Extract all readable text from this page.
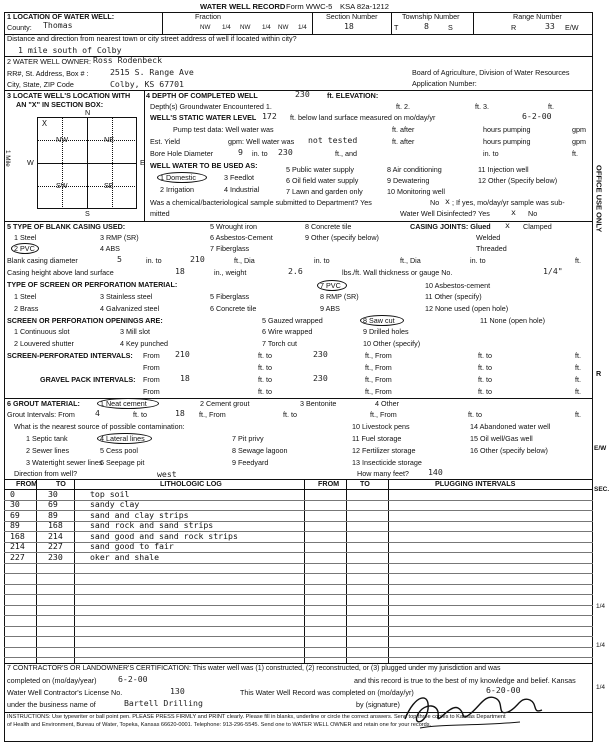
WATER WELL RECORD Form WWC-5 KSA 82a-1212
1 LOCATION OF WATER WELL:
County: Thomas
Fraction
NW 1/4 NW 1/4 NW 1/4
Section Number
18
Township Number
T	8	S
Range Number
R	33 E/W
Distance and direction from nearest town or city street address of well if located within city?
1 mile south of Colby
2 WATER WELL OWNER: Ross Rodenbeck
RR#, St. Address, Box # :	2515 S. Range Ave
City, State, ZIP Code	Colby, KS 67701
Board of Agriculture, Division of Water Resources
Application Number:
3 LOCATE WELL'S LOCATION WITH
AN "X" IN SECTION BOX:
N
S
W	E
1 Mile
NW	NE
SW	SE
X
4 DEPTH OF COMPLETED WELL	230 ft. ELEVATION:
Depth(s) Groundwater Encountered 1.	ft. 2.	ft. 3.	ft.
WELL'S STATIC WATER LEVEL 172 ft. below land surface measured on mo/day/yr	6-2-00
Pump test data: Well water was	ft. after	hours pumping	gpm
Est. Yield	gpm: Well water was not tested	ft. after	hours pumping	gpm
Bore Hole Diameter	9 in. to 230	ft., and	in. to	ft.
WELL WATER TO BE USED AS:
1 Domestic	3 Feedlot
5 Public water supply	8 Air conditioning	11 Injection well
2 Irrigation	4 Industrial
6 Oil field water supply	9 Dewatering	12 Other (Specify below)
7 Lawn and garden only	10 Monitoring well
Was a chemical/bacteriological sample submitted to Department? Yes	No x ; If yes, mo/day/yr sample was sub-
mitted	Water Well Disinfected? Yes	x No
5 TYPE OF BLANK CASING USED:
1 Steel	3 RMP (SR)
5 Wrought iron	8 Concrete tile
2 PVC	4 ABS
6 Asbestos-Cement	9 Other (specify below)
7 Fiberglass
CASING JOINTS: Glued x Clamped
Welded
Threaded
Blank casing diameter	5	in. to	210	ft., Dia	in. to	ft., Dia	in. to	ft.
Casing height above land surface	18	in., weight	2.6	lbs./ft. Wall thickness or gauge No.	1/4"
TYPE OF SCREEN OR PERFORATION MATERIAL:
1 Steel	3 Stainless steel	5 Fiberglass
7 PVC	10 Asbestos-cement
2 Brass	4 Galvanized steel	6 Concrete tile
8 RMP (SR)	11 Other (specify)
9 ABS	12 None used (open hole)
SCREEN OR PERFORATION OPENINGS ARE:	5 Gauzed wrapped	8 Saw cut	11 None (open hole)
1 Continuous slot	3 Mill slot	6 Wire wrapped	9 Drilled holes
2 Louvered shutter	4 Key punched	7 Torch cut	10 Other (specify)
SCREEN-PERFORATED INTERVALS: From 210	ft. to	230	ft., From	ft. to	ft.
From	ft. to	ft., From	ft. to	ft.
GRAVEL PACK INTERVALS: From 18	ft. to	230	ft., From	ft. to	ft.
From	ft. to	ft., From	ft. to	ft.
6 GROUT MATERIAL:	1 Neat cement	2 Cement grout	3 Bentonite	4 Other
Grout Intervals: From 4	ft. to	18 ft., From	ft. to	ft., From	ft. to	ft.
What is the nearest source of possible contamination:
1 Septic tank	4 Lateral lines	7 Pit privy
10 Livestock pens	14 Abandoned water well
2 Sewer lines	5 Cess pool	8 Sewage lagoon
11 Fuel storage	15 Oil well/Gas well
3 Watertight sewer lines
6 Seepage pit	9 Feedyard
12 Fertilizer storage	16 Other (specify below)
13 Insecticide storage
Direction from well?	west	How many feet? 140
FROM	TO	LITHOLOGIC LOG	FROM	TO	PLUGGING INTERVALS
0	30	top soil
30	69	sandy clay
69	89	sand and clay strips
89	168	sand rock and sand strips
168	214	sand good and sand rock strips
214	227	sand good to fair
227	230	oker and shale
7 CONTRACTOR'S OR LANDOWNER'S CERTIFICATION: This water well was (1) constructed, (2) reconstructed, or (3) plugged under my jurisdiction and was
completed on (mo/day/year)	6-2-00	and this record is true to the best of my knowledge and belief. Kansas
Water Well Contractor's License No.	130	This Water Well Record was completed on (mo/day/yr)	6-20-00
under the business name of	Bartell Drilling	by (signature)
INSTRUCTIONS: Use typewriter or ball point pen. PLEASE PRESS FIRMLY and PRINT clearly. Please fill in blanks, underline or circle the correct answers. Send top three copies to Kansas Department
of Health and Environment, Bureau of Water, Topeka, Kansas 66620-0001. Telephone: 913-296-5545. Send one to WATER WELL OWNER and retain one for your records.
OFFICE USE ONLY
R
E/W
SEC.
1/4
1/4
1/4
